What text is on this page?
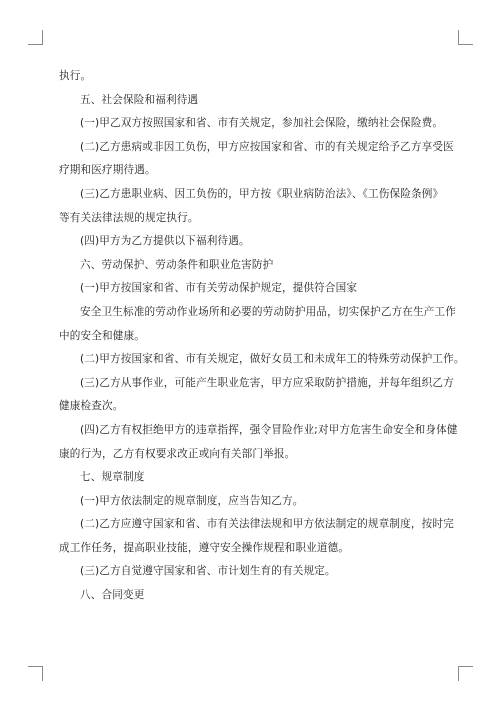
执行。

五、社会保险和福利待遇

(一)甲乙双方按照国家和省、市有关规定，参加社会保险，缴纳社会保险费。

(二)乙方患病或非因工负伤，甲方应按国家和省、市的有关规定给予乙方享受医

疗期和医疗期待遇。

(三)乙方患职业病、因工负伤的，甲方按《职业病防治法》、《工伤保险条例》

等有关法律法规的规定执行。

(四)甲方为乙方提供以下福利待遇。

六、劳动保护、劳动条件和职业危害防护

(一)甲方按国家和省、市有关劳动保护规定，提供符合国家

安全卫生标准的劳动作业场所和必要的劳动防护用品，切实保护乙方在生产工作

中的安全和健康。

(二)甲方按国家和省、市有关规定，做好女员工和未成年工的特殊劳动保护工作。

(三)乙方从事作业，可能产生职业危害，甲方应采取防护措施，并每年组织乙方

健康检查次。

(四)乙方有权拒绝甲方的违章指挥，强令冒险作业;对甲方危害生命安全和身体健

康的行为，乙方有权要求改正或向有关部门举报。

七、规章制度

(一)甲方依法制定的规章制度，应当告知乙方。

(二)乙方应遵守国家和省、市有关法律法规和甲方依法制定的规章制度，按时完

成工作任务，提高职业技能，遵守安全操作规程和职业道德。

(三)乙方自觉遵守国家和省、市计划生育的有关规定。

八、合同变更
